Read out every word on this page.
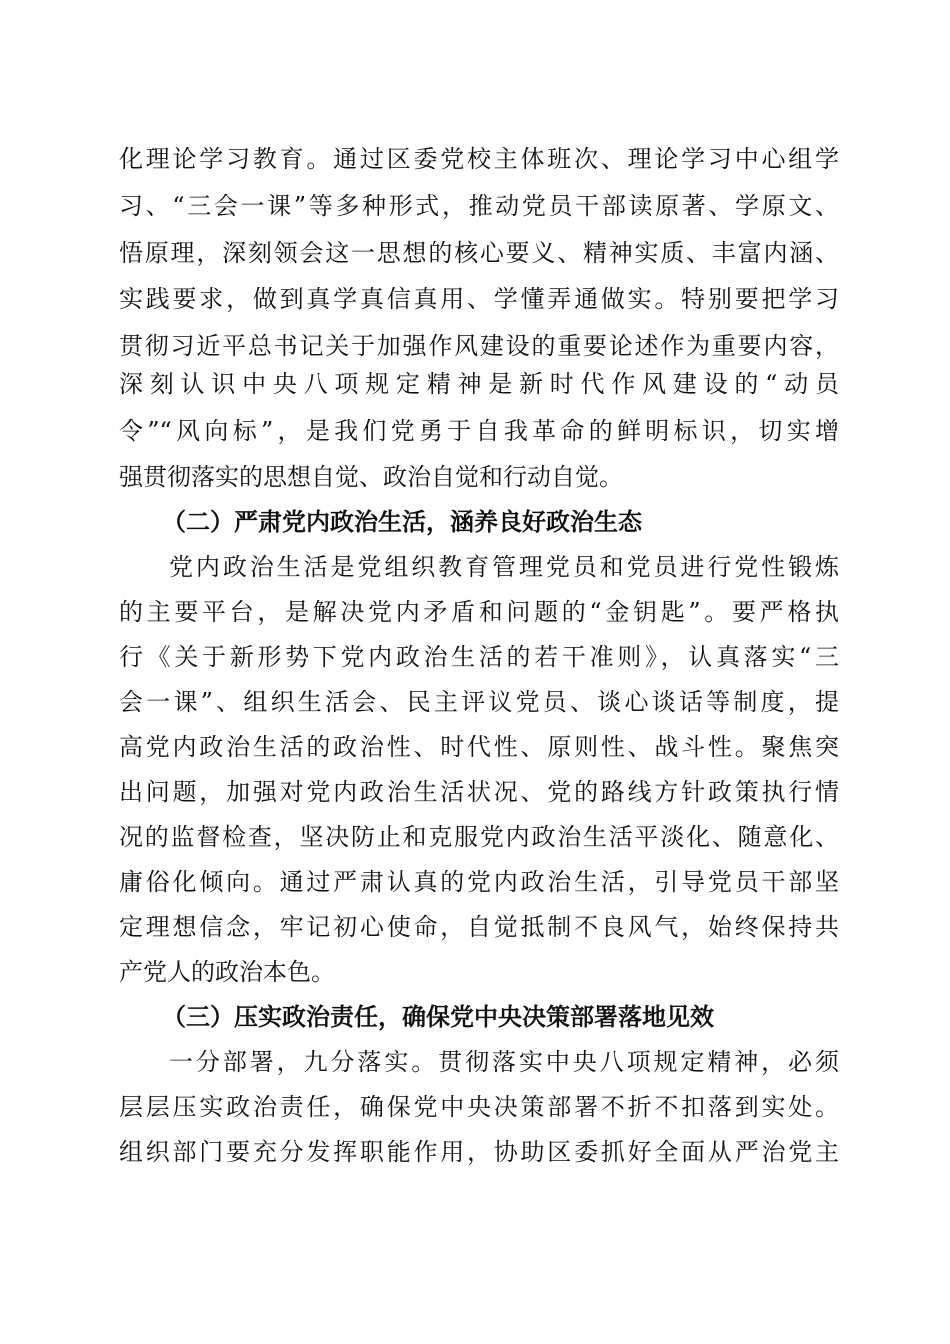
化理论学习教育。通过区委党校主体班次、理论学习中心组学
习、“三会一课”等多种形式，推动党员干部读原著、学原文、
悟原理，深刻领会这一思想的核心要义、精神实质、丰富内涵、
实践要求，做到真学真信真用、学懂弄通做实。特别要把学习
贯彻习近平总书记关于加强作风建设的重要论述作为重要内容，
深刻认识中央八项规定精神是新时代作风建设的“动员
令”“风向标”，是我们党勇于自我革命的鲜明标识，切实增
强贯彻落实的思想自觉、政治自觉和行动自觉。
（二）严肃党内政治生活，涵养良好政治生态
党内政治生活是党组织教育管理党员和党员进行党性锻炼
的主要平台，是解决党内矛盾和问题的“金钥匙”。要严格执
行《关于新形势下党内政治生活的若干准则》，认真落实“三
会一课”、组织生活会、民主评议党员、谈心谈话等制度，提
高党内政治生活的政治性、时代性、原则性、战斗性。聚焦突
出问题，加强对党内政治生活状况、党的路线方针政策执行情
况的监督检查，坚决防止和克服党内政治生活平淡化、随意化、
庸俗化倾向。通过严肃认真的党内政治生活，引导党员干部坚
定理想信念，牢记初心使命，自觉抵制不良风气，始终保持共
产党人的政治本色。
（三）压实政治责任，确保党中央决策部署落地见效
一分部署，九分落实。贯彻落实中央八项规定精神，必须
层层压实政治责任，确保党中央决策部署不折不扣落到实处。
组织部门要充分发挥职能作用，协助区委抓好全面从严治党主
